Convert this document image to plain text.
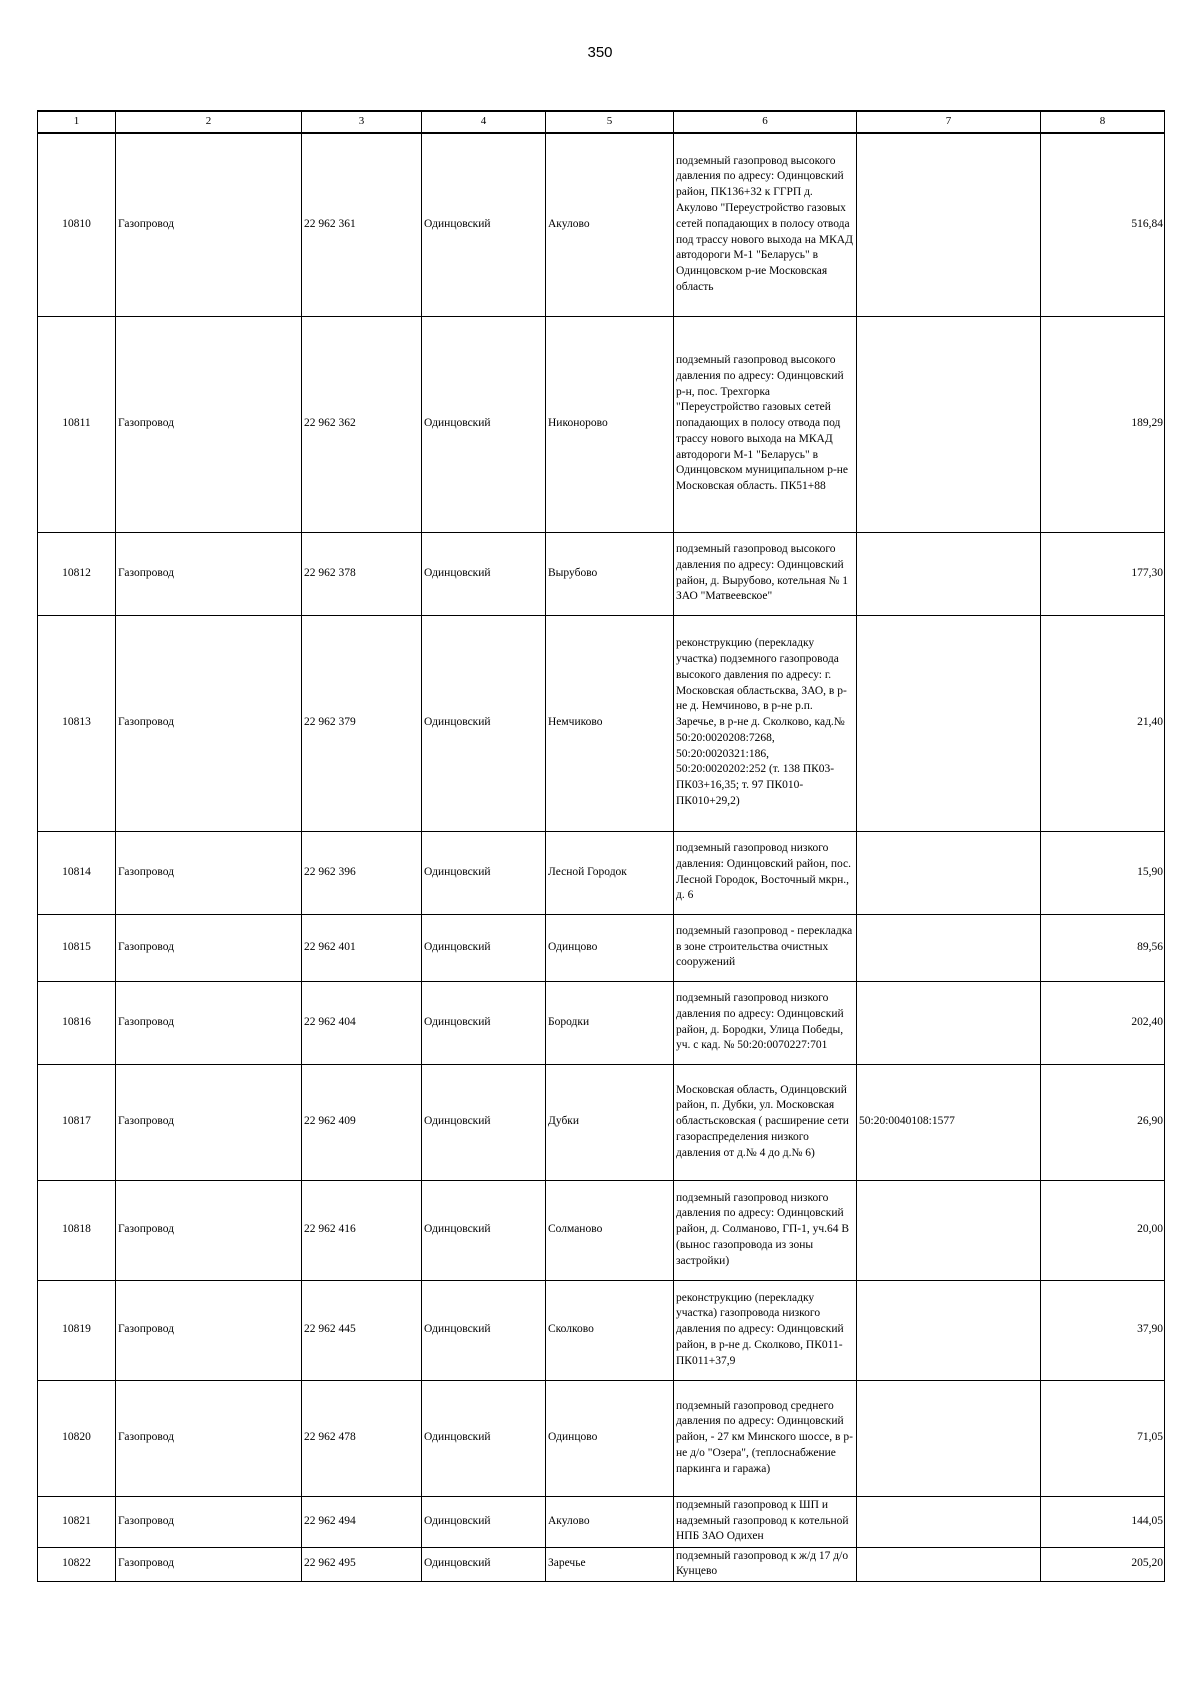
350
1	2	3	4	5	6	7	8
10810	Газопровод	22 962 361	Одинцовский	Акулово	подземный газопровод высокого давления по адресу: Одинцовский район, ПК136+32 к ГГРП д. Акулово "Переустройство газовых сетей попадающих в полосу отвода под трассу нового выхода на МКАД автодороги М-1 "Беларусь" в Одинцовском р-ие Московская область		516,84
10811	Газопровод	22 962 362	Одинцовский	Никонорово	подземный газопровод высокого давления по адресу: Одинцовский р-н, пос. Трехгорка "Переустройство газовых сетей попадающих в полосу отвода под трассу нового выхода на МКАД автодороги М-1 "Беларусь" в Одинцовском муниципальном р-не Московская область. ПК51+88		189,29
10812	Газопровод	22 962 378	Одинцовский	Вырубово	подземный газопровод высокого давления по адресу: Одинцовский район, д. Вырубово, котельная № 1 ЗАО "Матвеевское"		177,30
10813	Газопровод	22 962 379	Одинцовский	Немчиково	реконструкцию (перекладку участка) подземного газопровода высокого давления по адресу: г. Московская областьсква, ЗАО, в р-не д. Немчиново, в р-не р.п. Заречье, в р-не д. Сколково, кад.№ 50:20:0020208:7268, 50:20:0020321:186, 50:20:0020202:252 (т. 138 ПК03-ПК03+16,35; т. 97 ПК010-ПК010+29,2)		21,40
10814	Газопровод	22 962 396	Одинцовский	Лесной Городок	подземный газопровод низкого давления: Одинцовский район, пос. Лесной Городок, Восточный мкрн., д. 6		15,90
10815	Газопровод	22 962 401	Одинцовский	Одинцово	подземный газопровод - перекладка в зоне строительства очистных сооружений		89,56
10816	Газопровод	22 962 404	Одинцовский	Бородки	подземный газопровод низкого давления по адресу: Одинцовский район, д. Бородки, Улица Победы, уч. с кад. № 50:20:0070227:701		202,40
10817	Газопровод	22 962 409	Одинцовский	Дубки	Московская область, Одинцовский район, п. Дубки, ул. Московская областьсковская ( расширение сети газораспределения низкого давления от д.№ 4 до д.№ 6)	50:20:0040108:1577	26,90
10818	Газопровод	22 962 416	Одинцовский	Солманово	подземный газопровод низкого давления по адресу: Одинцовский район, д. Солманово, ГП-1, уч.64 В (вынос газопровода из зоны застройки)		20,00
10819	Газопровод	22 962 445	Одинцовский	Сколково	реконструкцию (перекладку участка) газопровода низкого давления по адресу: Одинцовский район, в р-не д. Сколково, ПК011-ПК011+37,9		37,90
10820	Газопровод	22 962 478	Одинцовский	Одинцово	подземный газопровод среднего давления по адресу: Одинцовский район, - 27 км Минского шоссе, в р-не д/о "Озера", (теплоснабжение паркинга и гаража)		71,05
10821	Газопровод	22 962 494	Одинцовский	Акулово	подземный газопровод к ШП и надземный газопровод к котельной НПБ ЗАО Одихен		144,05
10822	Газопровод	22 962 495	Одинцовский	Заречье	подземный газопровод к ж/д 17 д/о Кунцево		205,20
